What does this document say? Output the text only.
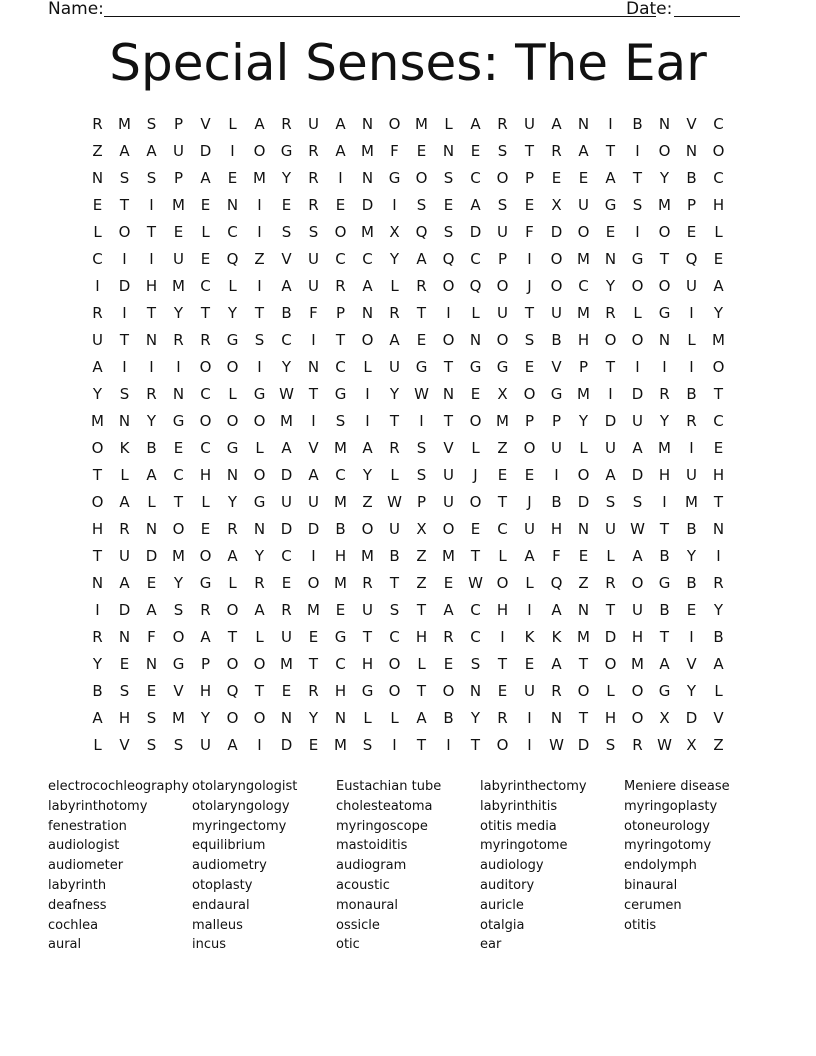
Name:	Date:
Special Senses: The Ear
R	M	S	P	V	L	A	R	U	A	N	O M	L	A	R	U	A	N	I	B	N	V	C
Z	A	A	U	D	I	O	G	R	A	M	F	E	N	E	S	T	R	A	T	I	O	N	O
N	S	S	P	A	E	M	Y	R	I	N	G	O	S	C	O	P	E	E	A	T	Y	B	C
E	T	I	M	E	N	I	E	R	E	D	I	S	E	A	S	E	X	U	G	S	M	P	H
L	O	T	E	L	C	I	S	S	O M	X	Q	S	D	U	F	D	O	E	I	O	E	L
C	I	I	U	E	Q	Z	V	U	C	C	Y	A	Q	C	P	I	O M N	G	T	Q	E
I	D	H M	C	L	I	A	U	R	A	L	R	O	Q	O	J	O	C	Y	O	O	U	A
R	I	T	Y	T	Y	T	B	F	P	N	R	T	I	L	U	T	U	M	R	L	G	I	Y
U	T	N	R	R	G	S	C	I	T	O	A	E	O	N	O	S	B	H	O	O	N	L	M
A	I	I	I	O	O	I	Y	N	C	L	U	G	T	G	G	E	V	P	T	I	I	I	O
Y	S	R	N	C	L	G W T	G	I	Y	W N	E	X	O	G M	I	D	R	B	T
M N	Y	G	O	O	O M	I	S	I	T	I	T	O M	P	P	Y	D	U	Y	R	C
O	K	B	E	C	G	L	A	V	M	A	R	S	V	L	Z	O	U	L	U	A	M	I	E
T	L	A	C	H	N	O	D	A	C	Y	L	S	U	J	E	E	I	O	A	D	H	U	H
O	A	L	T	L	Y	G	U	U	M	Z W	P	U	O	T	J	B	D	S	S	I	M	T
H	R	N	O	E	R	N	D	D	B	O	U	X	O	E	C	U	H	N	U W T	B	N
T	U	D M O	A	Y	C	I	H M	B	Z	M	T	L	A	F	E	L	A	B	Y	I
N	A	E	Y	G	L	R	E	O M	R	T	Z	E W O	L	Q	Z	R	O	G	B	R
I	D	A	S	R	O	A	R	M	E	U	S	T	A	C	H	I	A	N	T	U	B	E	Y
R	N	F	O	A	T	L	U	E	G	T	C	H	R	C	I	K	K	M D	H	T	I	B
Y	E	N	G	P	O	O M	T	C	H	O	L	E	S	T	E	A	T	O M	A	V	A
B	S	E	V	H	Q	T	E	R	H	G	O	T	O	N	E	U	R	O	L	O	G	Y	L
A	H	S	M	Y	O	O	N	Y	N	L	L	A	B	Y	R	I	N	T	H	O	X	D	V
L	V	S	S	U	A	I	D	E	M	S	I	T	I	T	O	I	W D	S	R W X	Z
electrocochleography
labyrinthotomy
fenestration
audiologist
audiometer
labyrinth
deafness
cochlea
aural
otolaryngologist
otolaryngology
myringectomy
equilibrium
audiometry
otoplasty
endaural
malleus
incus
Eustachian tube
cholesteatoma
myringoscope
mastoiditis
audiogram
acoustic
monaural
ossicle
otic
labyrinthectomy
labyrinthitis
otitis media
myringotome
audiology
auditory
auricle
otalgia
ear
Meniere disease
myringoplasty
otoneurology
myringotomy
endolymph
binaural
cerumen
otitis
